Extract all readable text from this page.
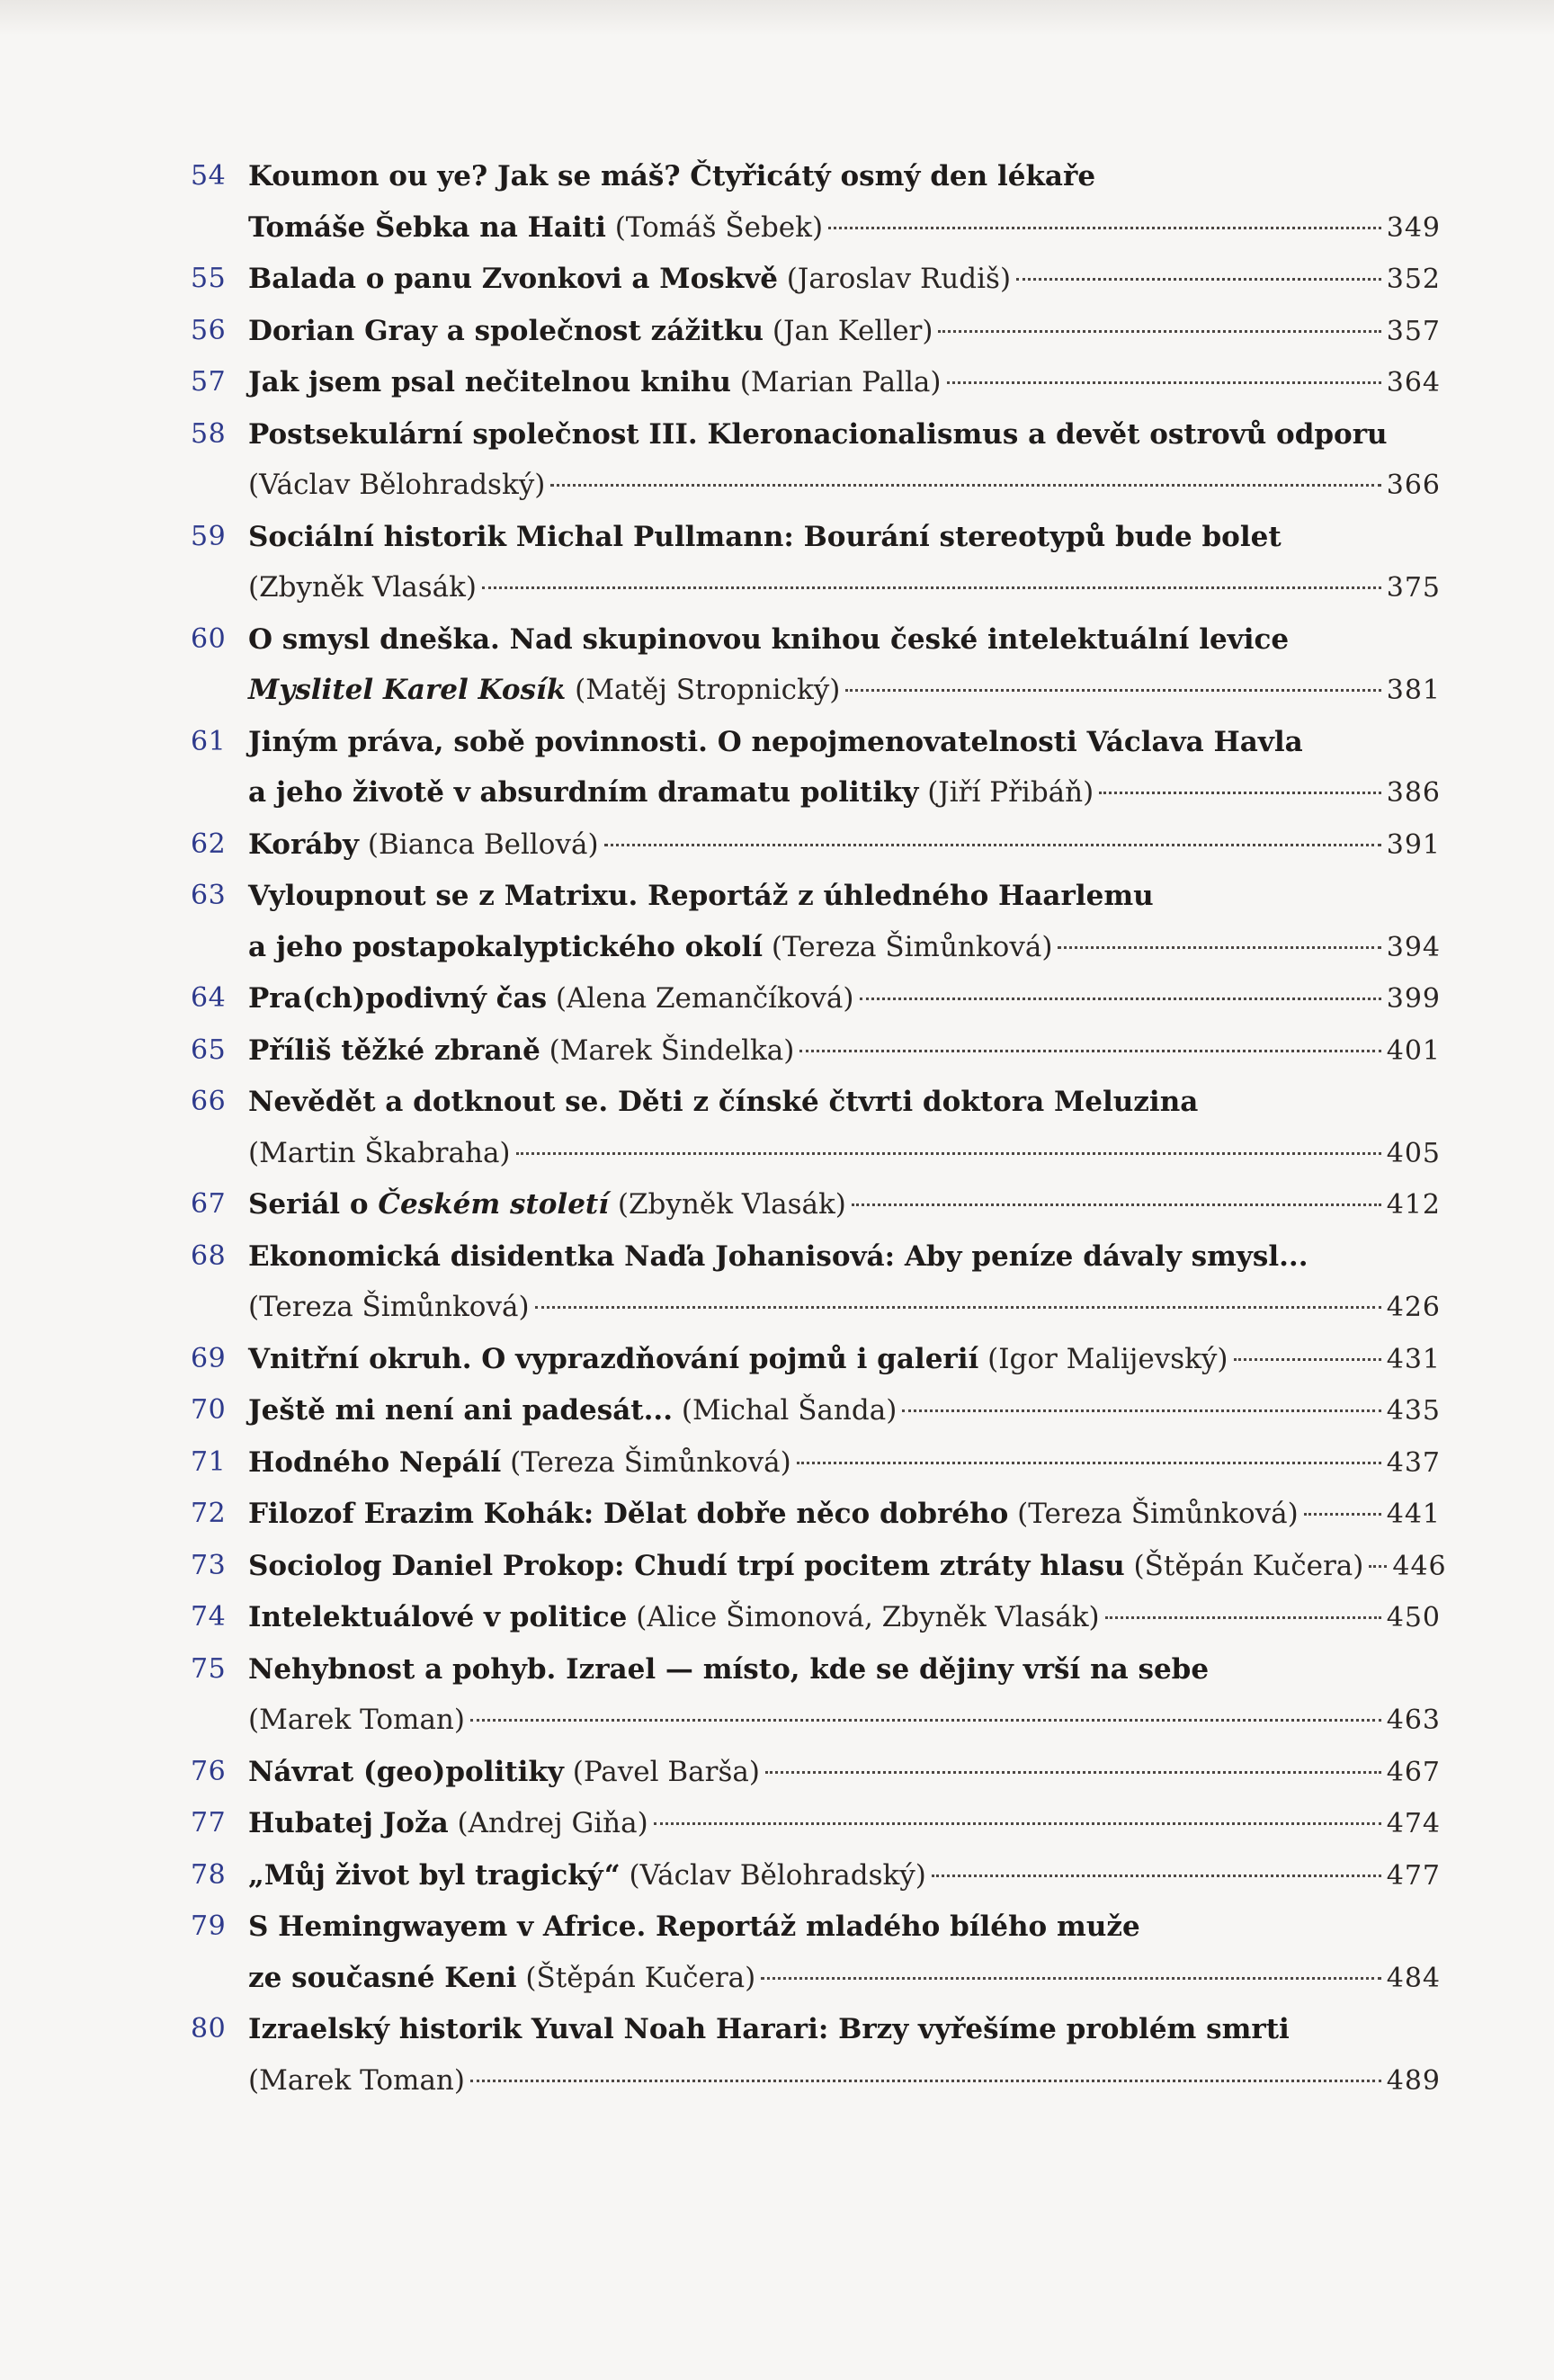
54 Koumon ou ye? Jak se máš? Čtyřicátý osmý den lékaře
Tomáše Šebka na Haiti (Tomáš Šebek)	349
55 Balada o panu Zvonkovi a Moskvě (Jaroslav Rudiš)	352
56 Dorian Gray a společnost zážitku (Jan Keller)	357
57 Jak jsem psal nečitelnou knihu (Marian Palla)	364
58 Postsekulární společnost III. Kleronacionalismus a devět ostrovů odporu
(Václav Bělohradský)	366
59 Sociální historik Michal Pullmann: Bourání stereotypů bude bolet
(Zbyněk Vlasák)	375
60 O smysl dneška. Nad skupinovou knihou české intelektuální levice
Myslitel Karel Kosík (Matěj Stropnický)	381
61 Jiným práva, sobě povinnosti. O nepojmenovatelnosti Václava Havla
a jeho životě v absurdním dramatu politiky (Jiří Přibáň)	386
62 Koráby (Bianca Bellová)	391
63 Vyloupnout se z Matrixu. Reportáž z úhledného Haarlemu
a jeho postapokalyptického okolí (Tereza Šimůnková)	394
64 Pra(ch)podivný čas (Alena Zemančíková)	399
65 Příliš těžké zbraně (Marek Šindelka)	401
66 Nevědět a dotknout se. Děti z čínské čtvrti doktora Meluzina
(Martin Škabraha)	405
67 Seriál o Českém století (Zbyněk Vlasák)	412
68 Ekonomická disidentka Naďa Johanisová: Aby peníze dávaly smysl...
(Tereza Šimůnková)	426
69 Vnitřní okruh. O vyprazdňování pojmů i galerií (Igor Malijevský)	431
70 Ještě mi není ani padesát... (Michal Šanda)	435
71 Hodného Nepálí (Tereza Šimůnková)	437
72 Filozof Erazim Kohák: Dělat dobře něco dobrého (Tereza Šimůnková)	441
73 Sociolog Daniel Prokop: Chudí trpí pocitem ztráty hlasu (Štěpán Kučera) 446
74 Intelektuálové v politice (Alice Šimonová, Zbyněk Vlasák)	450
75 Nehybnost a pohyb. Izrael — místo, kde se dějiny vrší na sebe
(Marek Toman)	463
76 Návrat (geo)politiky (Pavel Barša)	467
77 Hubatej Joža (Andrej Giňa)	474
78 „Můj život byl tragický“ (Václav Bělohradský)	477
79 S Hemingwayem v Africe. Reportáž mladého bílého muže
ze současné Keni (Štěpán Kučera)	484
80 Izraelský historik Yuval Noah Harari: Brzy vyřešíme problém smrti
(Marek Toman)	489
